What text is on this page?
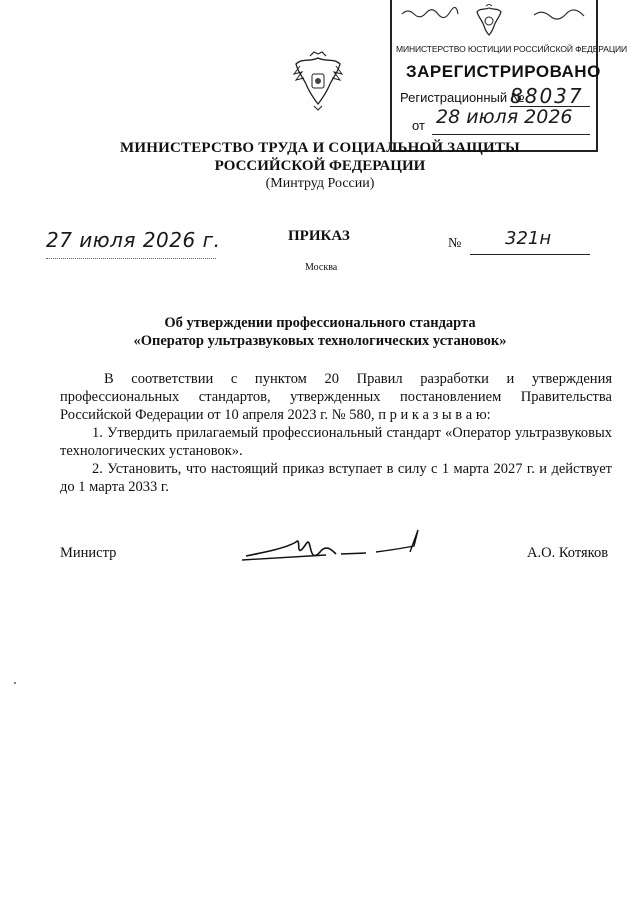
МИНИСТЕРСТВО ЮСТИЦИИ РОССИЙСКОЙ ФЕДЕРАЦИИ
ЗАРЕГИСТРИРОВАНО
Регистрационный №
88037
от 28 июля 2026
МИНИСТЕРСТВО ТРУДА И СОЦИАЛЬНОЙ ЗАЩИТЫ
РОССИЙСКОЙ ФЕДЕРАЦИИ
(Минтруд России)
27 июля 2026 г.	ПРИКАЗ
Москва
№ 321н
Об утверждении профессионального стандарта
«Оператор ультразвуковых технологических установок»
В соответствии с пунктом 20 Правил разработки и утверждения профессиональных стандартов, утвержденных постановлением Правительства Российской Федерации от 10 апреля 2023 г. № 580, п р и к а з ы в а ю:
1. Утвердить прилагаемый профессиональный стандарт «Оператор ультразвуковых технологических установок».
2. Установить, что настоящий приказ вступает в силу с 1 марта 2027 г. и действует до 1 марта 2033 г.
Министр	А.О. Котяков
